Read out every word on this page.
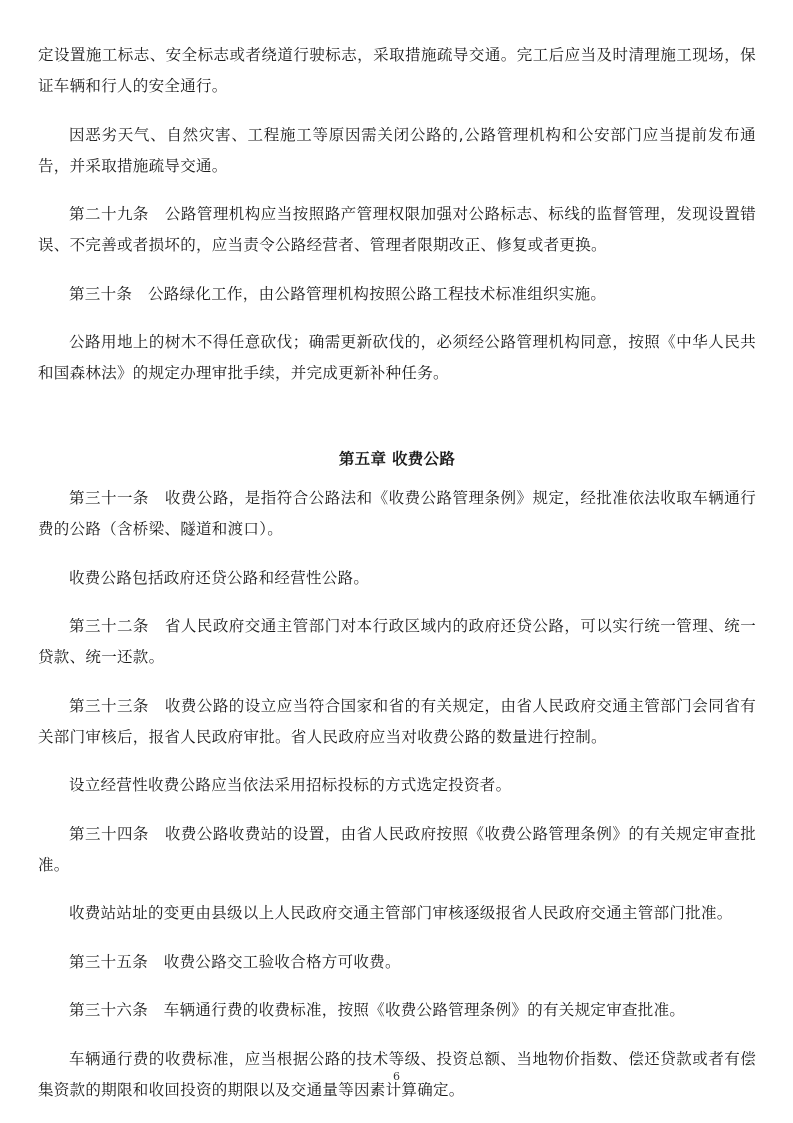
定设置施工标志、安全标志或者绕道行驶标志，采取措施疏导交通。完工后应当及时清理施工现场，保证车辆和行人的安全通行。

因恶劣天气、自然灾害、工程施工等原因需关闭公路的,公路管理机构和公安部门应当提前发布通告，并采取措施疏导交通。

第二十九条　公路管理机构应当按照路产管理权限加强对公路标志、标线的监督管理，发现设置错误、不完善或者损坏的，应当责令公路经营者、管理者限期改正、修复或者更换。

第三十条　公路绿化工作，由公路管理机构按照公路工程技术标准组织实施。

公路用地上的树木不得任意砍伐；确需更新砍伐的，必须经公路管理机构同意，按照《中华人民共和国森林法》的规定办理审批手续，并完成更新补种任务。

第五章 收费公路

第三十一条　收费公路，是指符合公路法和《收费公路管理条例》规定，经批准依法收取车辆通行费的公路（含桥梁、隧道和渡口）。

收费公路包括政府还贷公路和经营性公路。

第三十二条　省人民政府交通主管部门对本行政区域内的政府还贷公路，可以实行统一管理、统一贷款、统一还款。

第三十三条　收费公路的设立应当符合国家和省的有关规定，由省人民政府交通主管部门会同省有关部门审核后，报省人民政府审批。省人民政府应当对收费公路的数量进行控制。

设立经营性收费公路应当依法采用招标投标的方式选定投资者。

第三十四条　收费公路收费站的设置，由省人民政府按照《收费公路管理条例》的有关规定审查批准。

收费站站址的变更由县级以上人民政府交通主管部门审核逐级报省人民政府交通主管部门批准。

第三十五条　收费公路交工验收合格方可收费。

第三十六条　车辆通行费的收费标准，按照《收费公路管理条例》的有关规定审查批准。

车辆通行费的收费标准，应当根据公路的技术等级、投资总额、当地物价指数、偿还贷款或者有偿集资款的期限和收回投资的期限以及交通量等因素计算确定。

6
